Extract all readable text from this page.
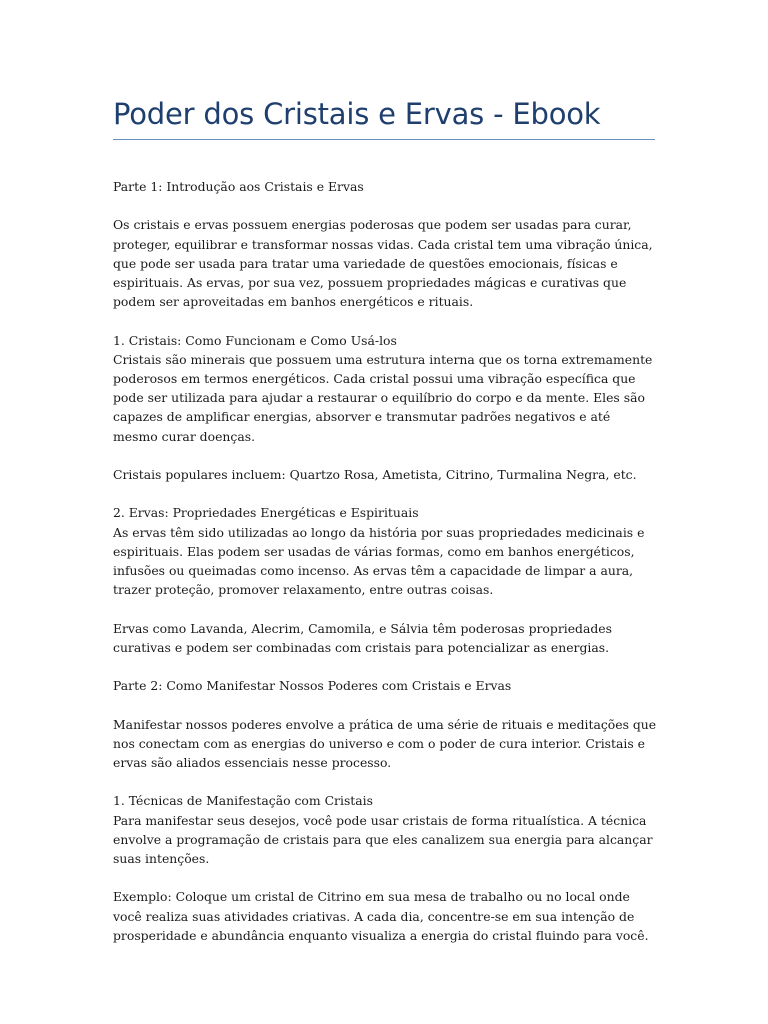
Poder dos Cristais e Ervas - Ebook

Parte 1: Introdução aos Cristais e Ervas

Os cristais e ervas possuem energias poderosas que podem ser usadas para curar, proteger, equilibrar e transformar nossas vidas. Cada cristal tem uma vibração única, que pode ser usada para tratar uma variedade de questões emocionais, físicas e espirituais. As ervas, por sua vez, possuem propriedades mágicas e curativas que podem ser aproveitadas em banhos energéticos e rituais.

1. Cristais: Como Funcionam e Como Usá-los

Cristais são minerais que possuem uma estrutura interna que os torna extremamente poderosos em termos energéticos. Cada cristal possui uma vibração específica que pode ser utilizada para ajudar a restaurar o equilíbrio do corpo e da mente. Eles são capazes de amplificar energias, absorver e transmutar padrões negativos e até mesmo curar doenças.

Cristais populares incluem: Quartzo Rosa, Ametista, Citrino, Turmalina Negra, etc.

2. Ervas: Propriedades Energéticas e Espirituais

As ervas têm sido utilizadas ao longo da história por suas propriedades medicinais e espirituais. Elas podem ser usadas de várias formas, como em banhos energéticos, infusões ou queimadas como incenso. As ervas têm a capacidade de limpar a aura, trazer proteção, promover relaxamento, entre outras coisas.

Ervas como Lavanda, Alecrim, Camomila, e Sálvia têm poderosas propriedades curativas e podem ser combinadas com cristais para potencializar as energias.

Parte 2: Como Manifestar Nossos Poderes com Cristais e Ervas

Manifestar nossos poderes envolve a prática de uma série de rituais e meditações que nos conectam com as energias do universo e com o poder de cura interior. Cristais e ervas são aliados essenciais nesse processo.

1. Técnicas de Manifestação com Cristais

Para manifestar seus desejos, você pode usar cristais de forma ritualística. A técnica envolve a programação de cristais para que eles canalizem sua energia para alcançar suas intenções.

Exemplo: Coloque um cristal de Citrino em sua mesa de trabalho ou no local onde você realiza suas atividades criativas. A cada dia, concentre-se em sua intenção de prosperidade e abundância enquanto visualiza a energia do cristal fluindo para você.
